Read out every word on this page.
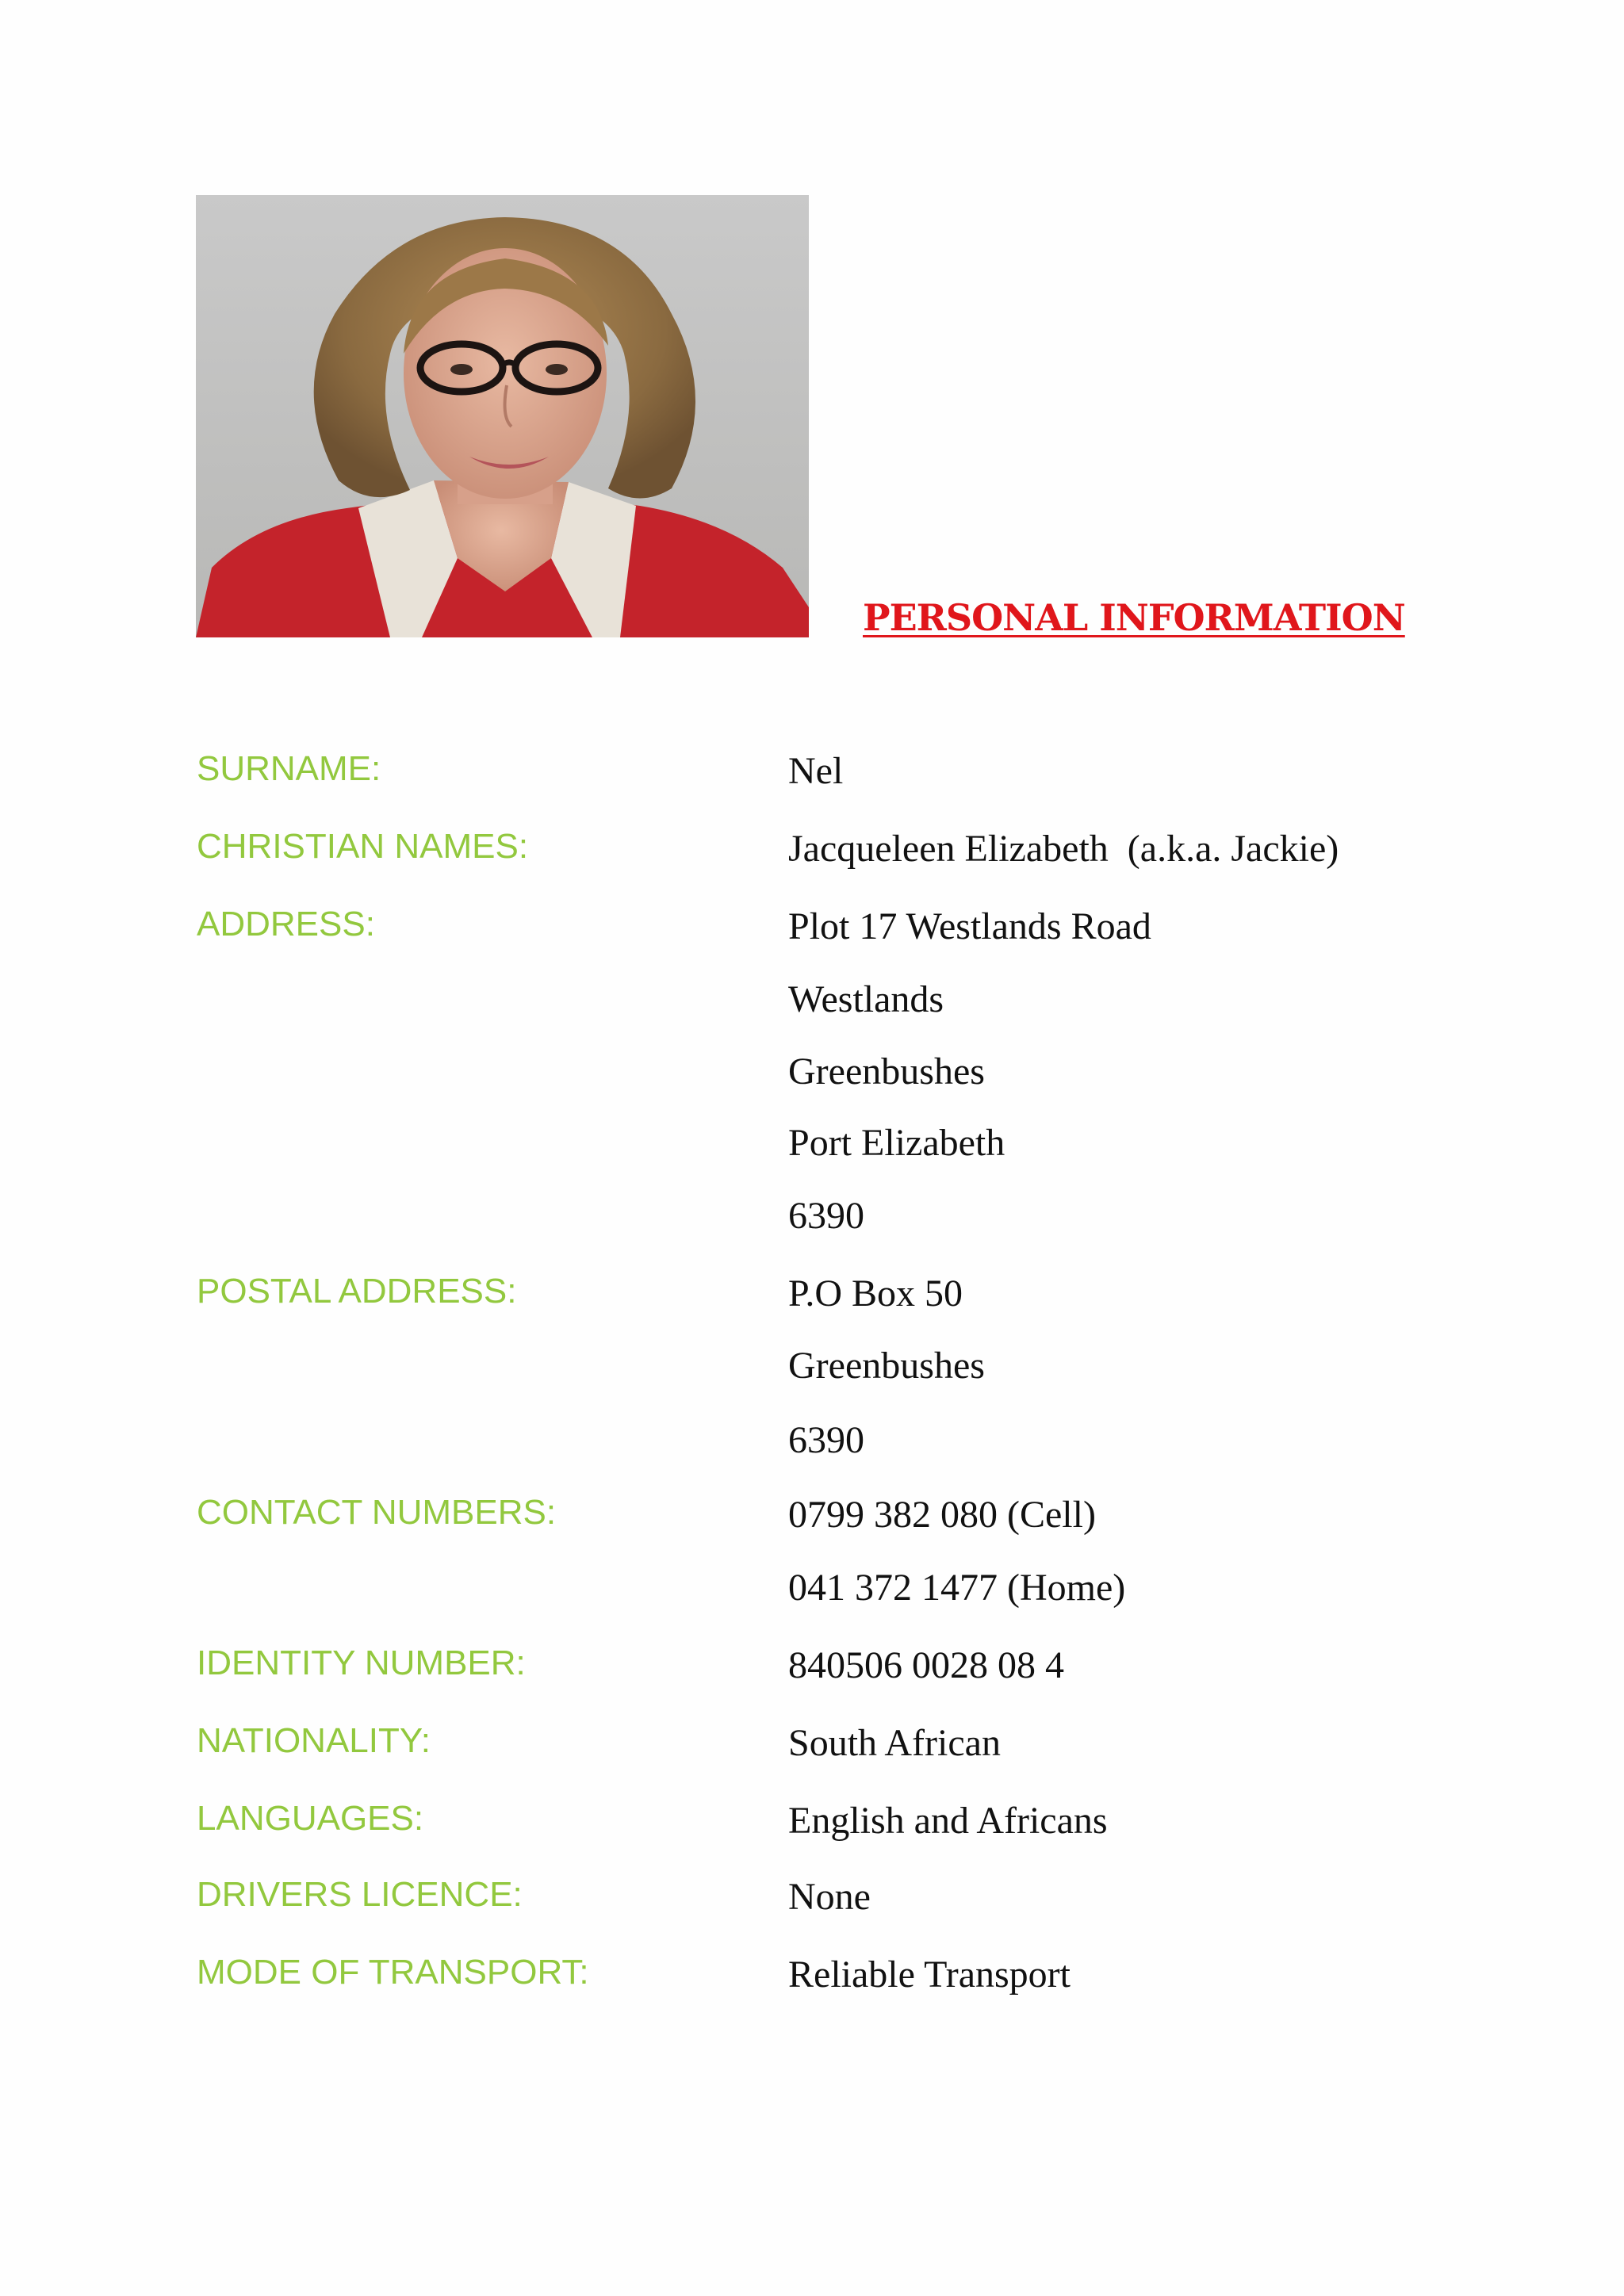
PERSONAL INFORMATION
SURNAME:	Nel
CHRISTIAN NAMES:	Jacqueleen Elizabeth  (a.k.a. Jackie)
ADDRESS:	Plot 17 Westlands Road
Westlands
Greenbushes
Port Elizabeth
6390
POSTAL ADDRESS:	P.O Box 50
Greenbushes
6390
CONTACT NUMBERS:	0799 382 080 (Cell)
041 372 1477 (Home)
IDENTITY NUMBER:	840506 0028 08 4
NATIONALITY:	South African
LANGUAGES:	English and Africans
DRIVERS LICENCE:	None
MODE OF TRANSPORT:	Reliable Transport
